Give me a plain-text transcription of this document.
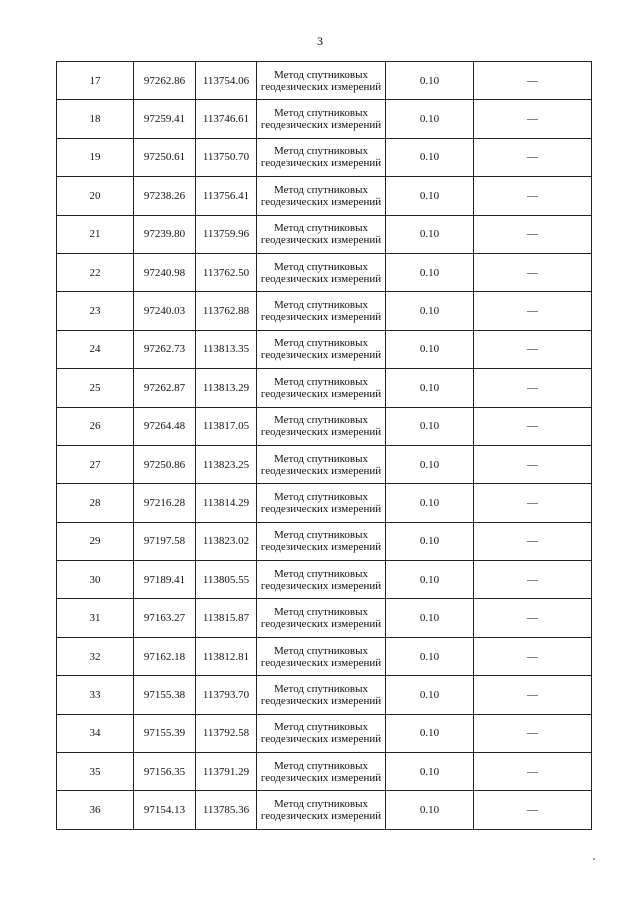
3
17	97262.86	113754.06	Метод спутниковых
геодезических измерений	0.10	—
18	97259.41	113746.61	Метод спутниковых
геодезических измерений	0.10	—
19	97250.61	113750.70	Метод спутниковых
геодезических измерений	0.10	—
20	97238.26	113756.41	Метод спутниковых
геодезических измерений	0.10	—
21	97239.80	113759.96	Метод спутниковых
геодезических измерений	0.10	—
22	97240.98	113762.50	Метод спутниковых
геодезических измерений	0.10	—
23	97240.03	113762.88	Метод спутниковых
геодезических измерений	0.10	—
24	97262.73	113813.35	Метод спутниковых
геодезических измерений	0.10	—
25	97262.87	113813.29	Метод спутниковых
геодезических измерений	0.10	—
26	97264.48	113817.05	Метод спутниковых
геодезических измерений	0.10	—
27	97250.86	113823.25	Метод спутниковых
геодезических измерений	0.10	—
28	97216.28	113814.29	Метод спутниковых
геодезических измерений	0.10	—
29	97197.58	113823.02	Метод спутниковых
геодезических измерений	0.10	—
30	97189.41	113805.55	Метод спутниковых
геодезических измерений	0.10	—
31	97163.27	113815.87	Метод спутниковых
геодезических измерений	0.10	—
32	97162.18	113812.81	Метод спутниковых
геодезических измерений	0.10	—
33	97155.38	113793.70	Метод спутниковых
геодезических измерений	0.10	—
34	97155.39	113792.58	Метод спутниковых
геодезических измерений	0.10	—
35	97156.35	113791.29	Метод спутниковых
геодезических измерений	0.10	—
36	97154.13	113785.36	Метод спутниковых
геодезических измерений	0.10	—
